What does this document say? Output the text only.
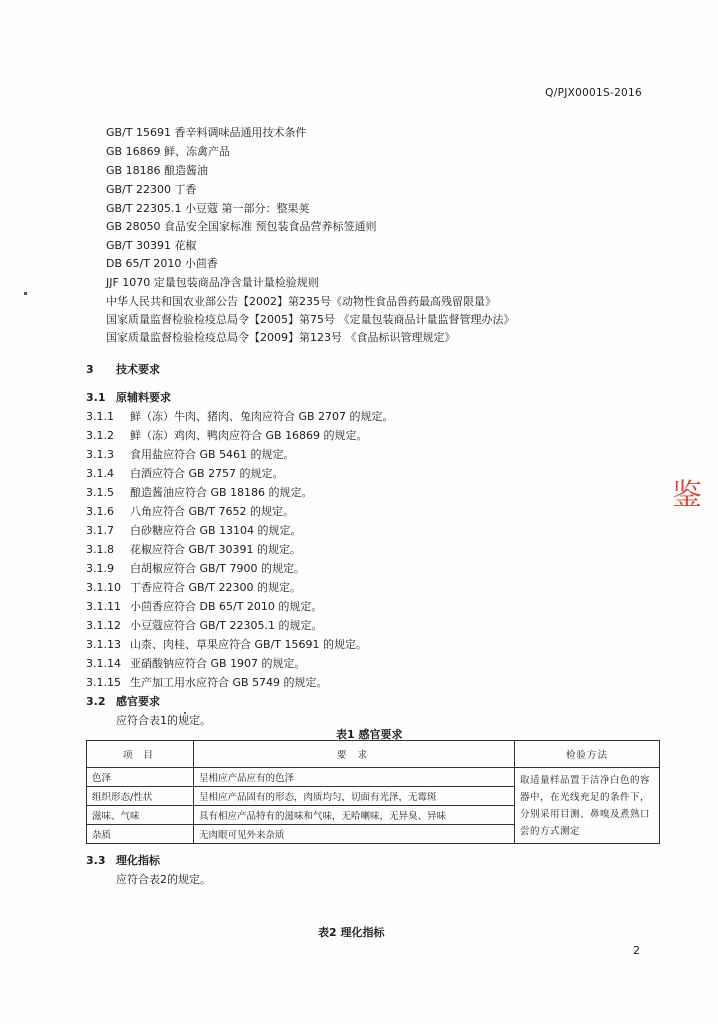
Q/PJX0001S-2016
GB/T 15691 香辛料调味品通用技术条件
GB 16869 鲜、冻禽产品
GB 18186 酿造酱油
GB/T 22300 丁香
GB/T 22305.1 小豆蔻 第一部分：整果荚
GB 28050 食品安全国家标准 预包装食品营养标签通则
GB/T 30391 花椒
DB 65/T 2010 小茴香
JJF 1070 定量包装商品净含量计量检验规则
中华人民共和国农业部公告【2002】第235号《动物性食品兽药最高残留限量》
国家质量监督检验检疫总局令【2005】第75号 《定量包装商品计量监督管理办法》
国家质量监督检验检疫总局令【2009】第123号 《食品标识管理规定》
3 技术要求
3.1 原辅料要求
3.1.1 鲜（冻）牛肉、猪肉、兔肉应符合 GB 2707 的规定。
3.1.2 鲜（冻）鸡肉、鸭肉应符合 GB 16869 的规定。
3.1.3 食用盐应符合 GB 5461 的规定。
3.1.4 白酒应符合 GB 2757 的规定。
3.1.5 酿造酱油应符合 GB 18186 的规定。
3.1.6 八角应符合 GB/T 7652 的规定。
3.1.7 白砂糖应符合 GB 13104 的规定。
3.1.8 花椒应符合 GB/T 30391 的规定。
3.1.9 白胡椒应符合 GB/T 7900 的规定。
3.1.10 丁香应符合 GB/T 22300 的规定。
3.1.11 小茴香应符合 DB 65/T 2010 的规定。
3.1.12 小豆蔻应符合 GB/T 22305.1 的规定。
3.1.13 山柰、肉桂、草果应符合 GB/T 15691 的规定。
3.1.14 亚硝酸钠应符合 GB 1907 的规定。
3.1.15 生产加工用水应符合 GB 5749 的规定。
3.2 感官要求
应符合表1的规定。
表1 感官要求
项 目	要 求	检验方法
色泽	呈相应产品应有的色泽	取适量样品置于洁净白色的容器中，在光线充足的条件下，分别采用目测、鼻嗅及煮熟口尝的方式测定
组织形态/性状	呈相应产品固有的形态，肉质均匀，切面有光泽，无霉斑	
滋味、气味	具有相应产品特有的滋味和气味，无哈喇味，无异臭、异味	
杂质	无肉眼可见外来杂质	
3.3 理化指标
应符合表2的规定。
表2 理化指标
2
鉴
